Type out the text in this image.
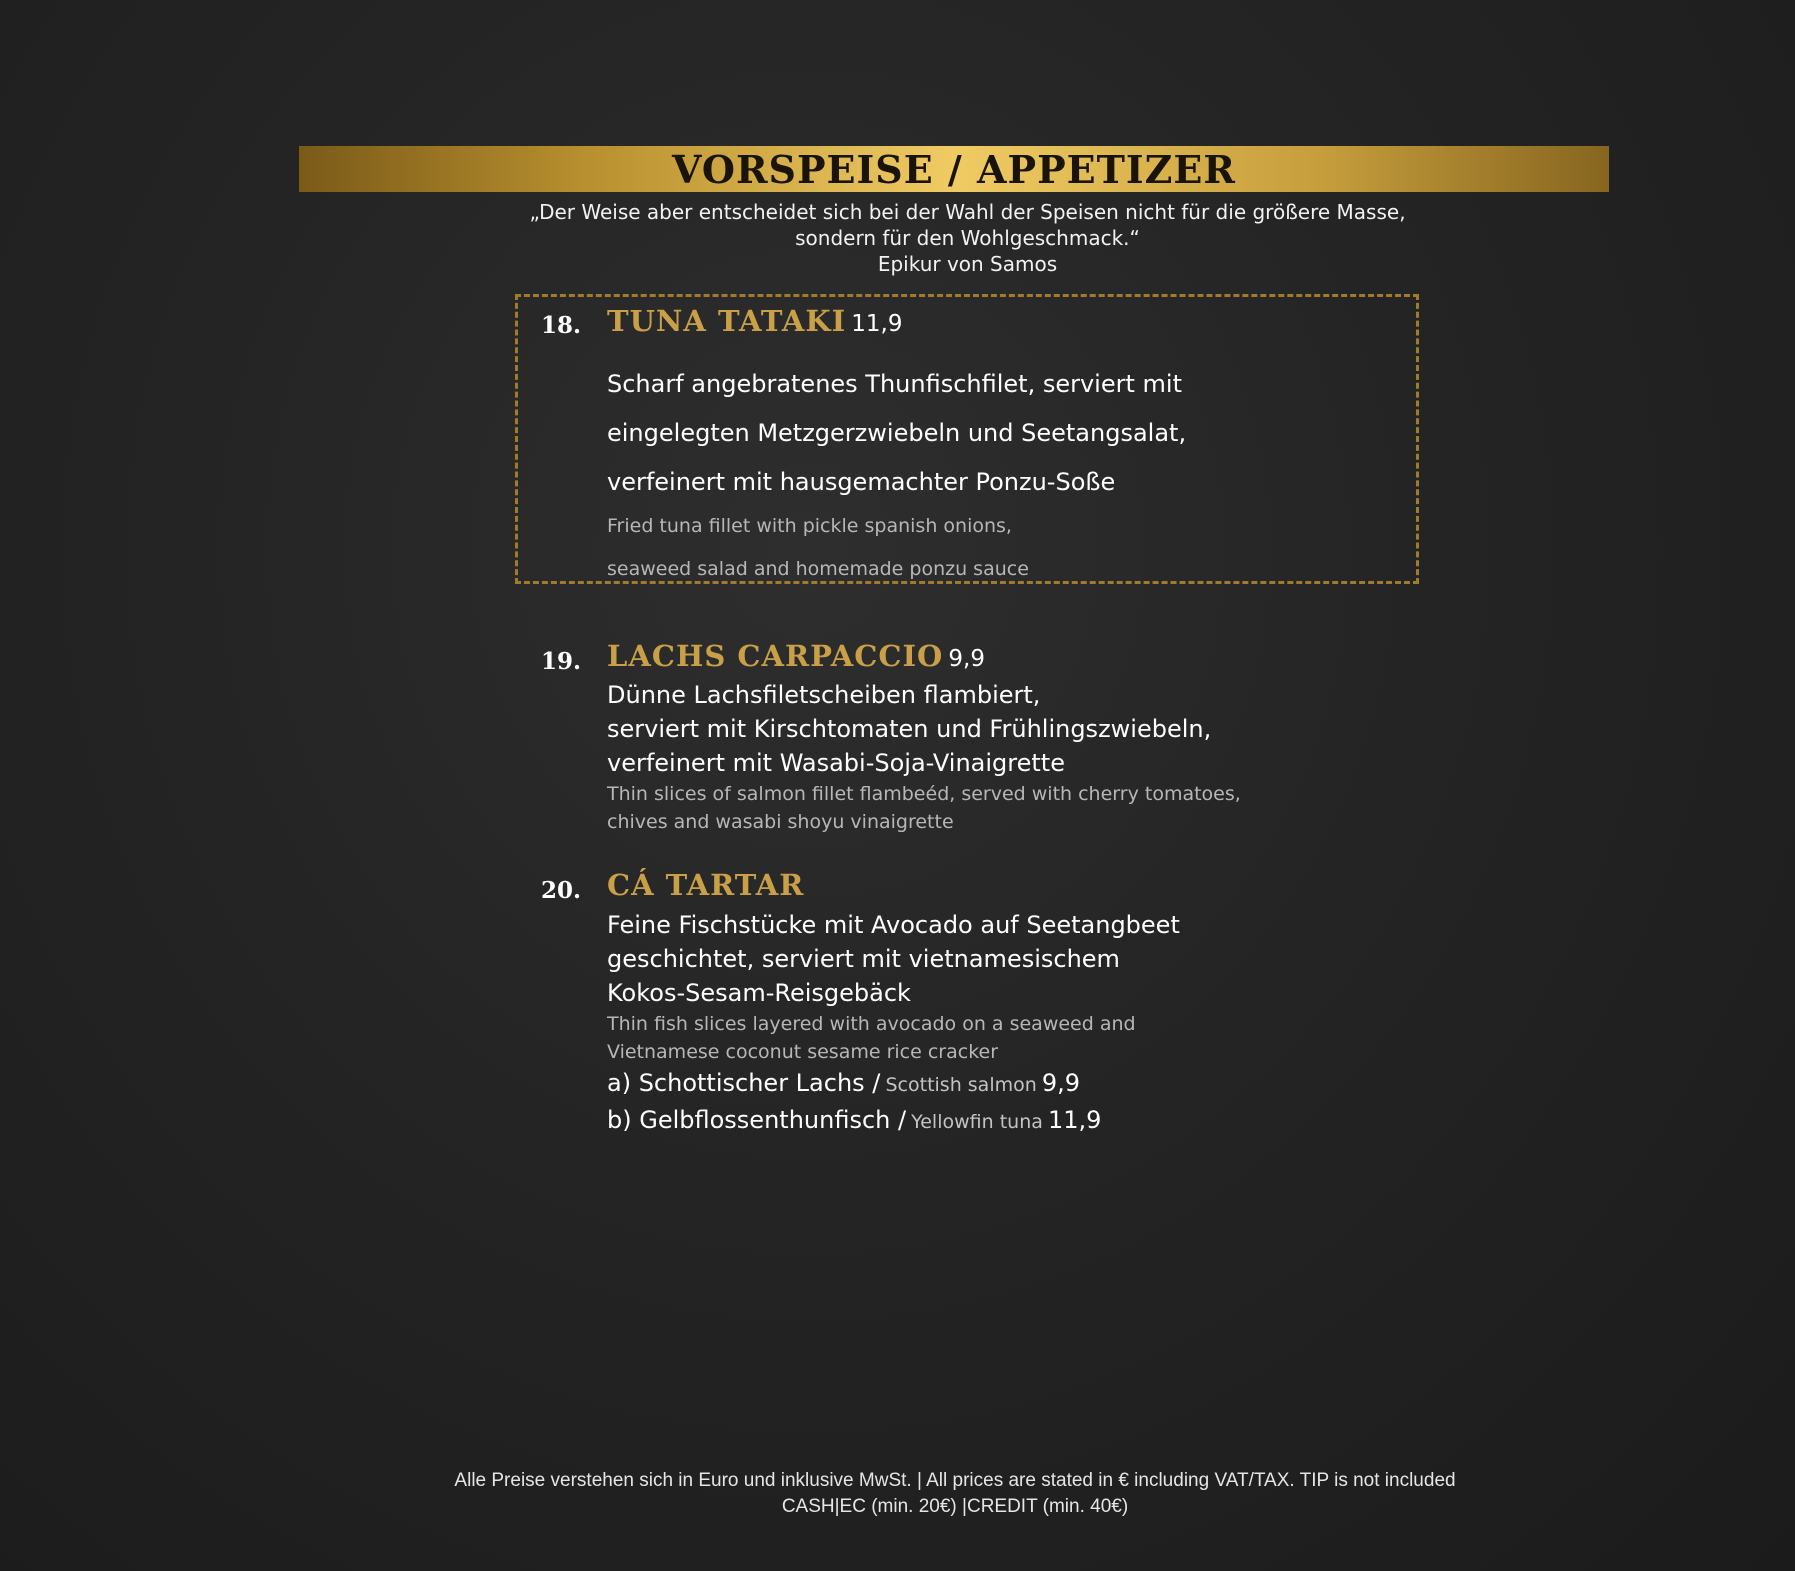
VORSPEISE / APPETIZER
„Der Weise aber entscheidet sich bei der Wahl der Speisen nicht für die größere Masse,
sondern für den Wohlgeschmack.“
Epikur von Samos
18. TUNA TATAKI 11,9
Scharf angebratenes Thunfischfilet, serviert mit
eingelegten Metzgerzwiebeln und Seetangsalat,
verfeinert mit hausgemachter Ponzu-Soße
Fried tuna fillet with pickle spanish onions,
seaweed salad and homemade ponzu sauce
19. LACHS CARPACCIO 9,9
Dünne Lachsfiletscheiben flambiert,
serviert mit Kirschtomaten und Frühlingszwiebeln,
verfeinert mit Wasabi-Soja-Vinaigrette
Thin slices of salmon fillet flambeéd, served with cherry tomatoes,
chives and wasabi shoyu vinaigrette
20. CÁ TARTAR
Feine Fischstücke mit Avocado auf Seetangbeet
geschichtet, serviert mit vietnamesischem
Kokos-Sesam-Reisgebäck
Thin fish slices layered with avocado on a seaweed and
Vietnamese coconut sesame rice cracker
a) Schottischer Lachs / Scottish salmon 9,9
b) Gelbflossenthunfisch / Yellowfin tuna 11,9
Alle Preise verstehen sich in Euro und inklusive MwSt. | All prices are stated in € including VAT/TAX. TIP is not included
CASH|EC (min. 20€) |CREDIT (min. 40€)
